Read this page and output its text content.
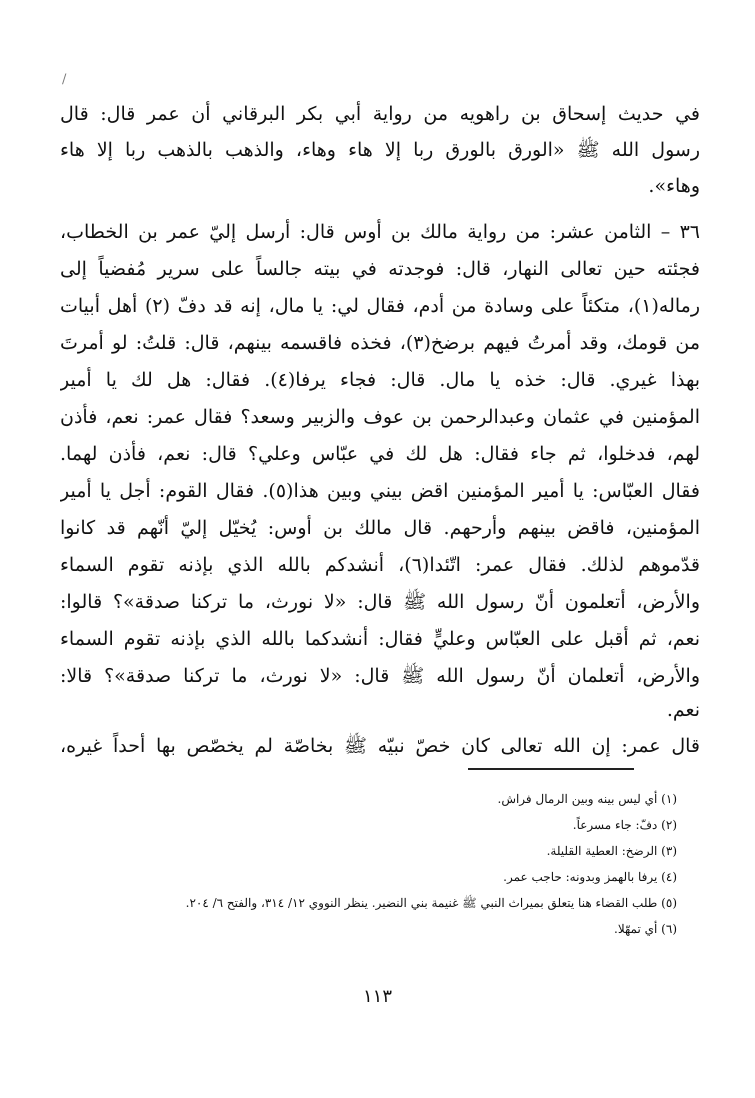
/
في حديث إسحاق بن راهويه من رواية أبي بكر البرقاني أن عمر قال: قال
رسول الله ﷺ «الورق بالورق ربا إلا هاء وهاء، والذهب بالذهب ربا إلا هاء
وهاء».
٣٦ – الثامن عشر: من رواية مالك بن أوس قال: أرسل إليّ عمر بن الخطاب،
فجئته حين تعالى النهار، قال: فوجدته في بيته جالساً على سرير مُفضياً إلى
رماله(١)، متكئاً على وسادة من أدم، فقال لي: يا مال، إنه قد دفّ (٢) أهل أبيات
من قومك، وقد أمرتُ فيهم برضخ(٣)، فخذه فاقسمه بينهم، قال: قلتُ: لو أمرتَ
بهذا غيري. قال: خذه يا مال. قال: فجاء يرفا(٤). فقال: هل لك يا أمير
المؤمنين في عثمان وعبدالرحمن بن عوف والزبير وسعد؟ فقال عمر: نعم، فأذن
لهم، فدخلوا، ثم جاء فقال: هل لك في عبّاس وعلي؟ قال: نعم، فأذن لهما.
فقال العبّاس: يا أمير المؤمنين اقض بيني وبين هذا(٥). فقال القوم: أجل يا أمير
المؤمنين، فاقض بينهم وأرحهم. قال مالك بن أوس: يُخيّل إليّ أنّهم قد كانوا
قدّموهم لذلك. فقال عمر: اتّئدا(٦)، أنشدكم بالله الذي بإذنه تقوم السماء
والأرض، أتعلمون أنّ رسول الله ﷺ قال: «لا نورث، ما تركنا صدقة»؟ قالوا:
نعم، ثم أقبل على العبّاس وعليٍّ فقال: أنشدكما بالله الذي بإذنه تقوم السماء
والأرض، أتعلمان أنّ رسول الله ﷺ قال: «لا نورث، ما تركنا صدقة»؟ قالا:
نعم.
قال عمر: إن الله تعالى كان خصّ نبيّه ﷺ بخاصّة لم يخصّص بها أحداً غيره،
(١) أي ليس بينه وبين الرمال فراش.
(٢) دفّ: جاء مسرعاً.
(٣) الرضخ: العطية القليلة.
(٤) يرفا بالهمز وبدونه: حاجب عمر.
(٥) طلب القضاء هنا يتعلق بميراث النبي ﷺ غنيمة بني النضير. ينظر النووي ١٢/ ٣١٤، والفتح ٦/ ٢٠٤.
(٦) أي تمهّلا.
١١٣
